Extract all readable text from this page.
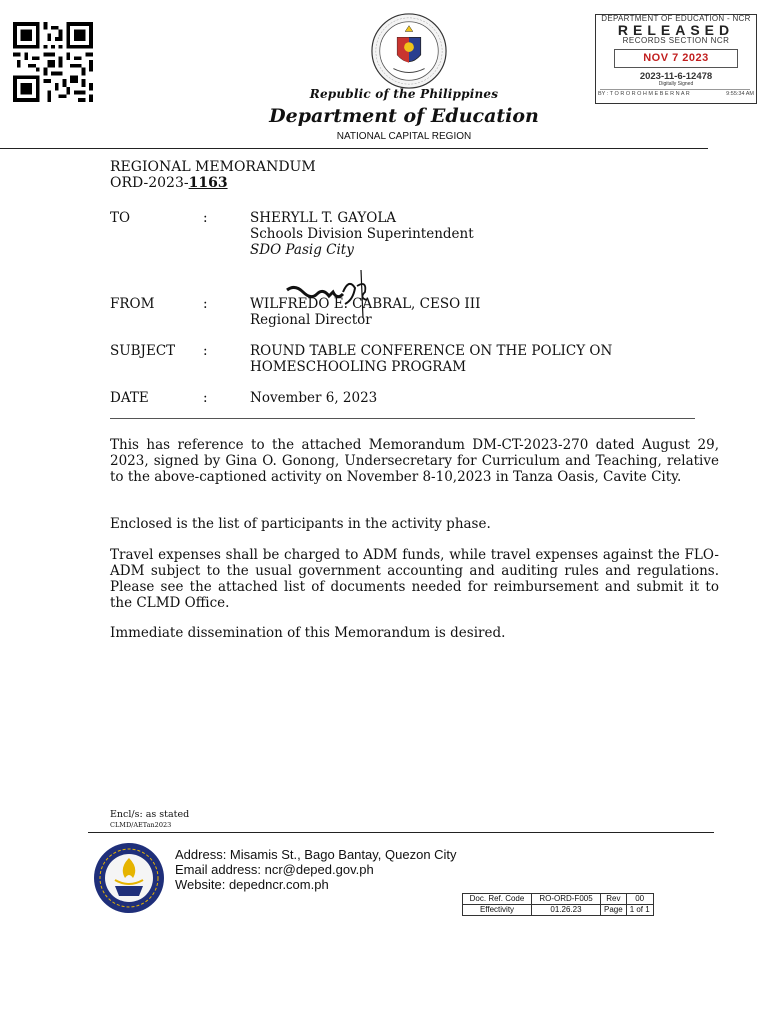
Republic of the Philippines
Department of Education
NATIONAL CAPITAL REGION
DEPARTMENT OF EDUCATION - NCR
RELEASED
RECORDS SECTION NCR
NOV 7 2023
2023-11-6-12478
Digitally Signed
BY : T O R O R O H M E B E R N A R	9:55:34 AM
REGIONAL MEMORANDUM
ORD-2023-1163
TO	:	SHERYLL T. GAYOLA
Schools Division Superintendent
SDO Pasig City
FROM	:	WILFREDO E. CABRAL, CESO III
Regional Director
SUBJECT :	ROUND TABLE CONFERENCE ON THE POLICY ON
HOMESCHOOLING PROGRAM
DATE	:	November 6, 2023
This has reference to the attached Memorandum DM-CT-2023-270 dated August 29, 2023, signed by Gina O. Gonong, Undersecretary for Curriculum and Teaching, relative to the above-captioned activity on November 8-10,2023 in Tanza Oasis, Cavite City.
Enclosed is the list of participants in the activity phase.
Travel expenses shall be charged to ADM funds, while travel expenses against the FLO-ADM subject to the usual government accounting and auditing rules and regulations. Please see the attached list of documents needed for reimbursement and submit it to the CLMD Office.
Immediate dissemination of this Memorandum is desired.
Encl/s: as stated
CLMD/AETan2023
Address: Misamis St., Bago Bantay, Quezon City
Email address: ncr@deped.gov.ph
Website: depedncr.com.ph
Doc. Ref. Code	RO-ORD-F005	Rev	00
Effectivity	01.26.23	Page	1 of 1
